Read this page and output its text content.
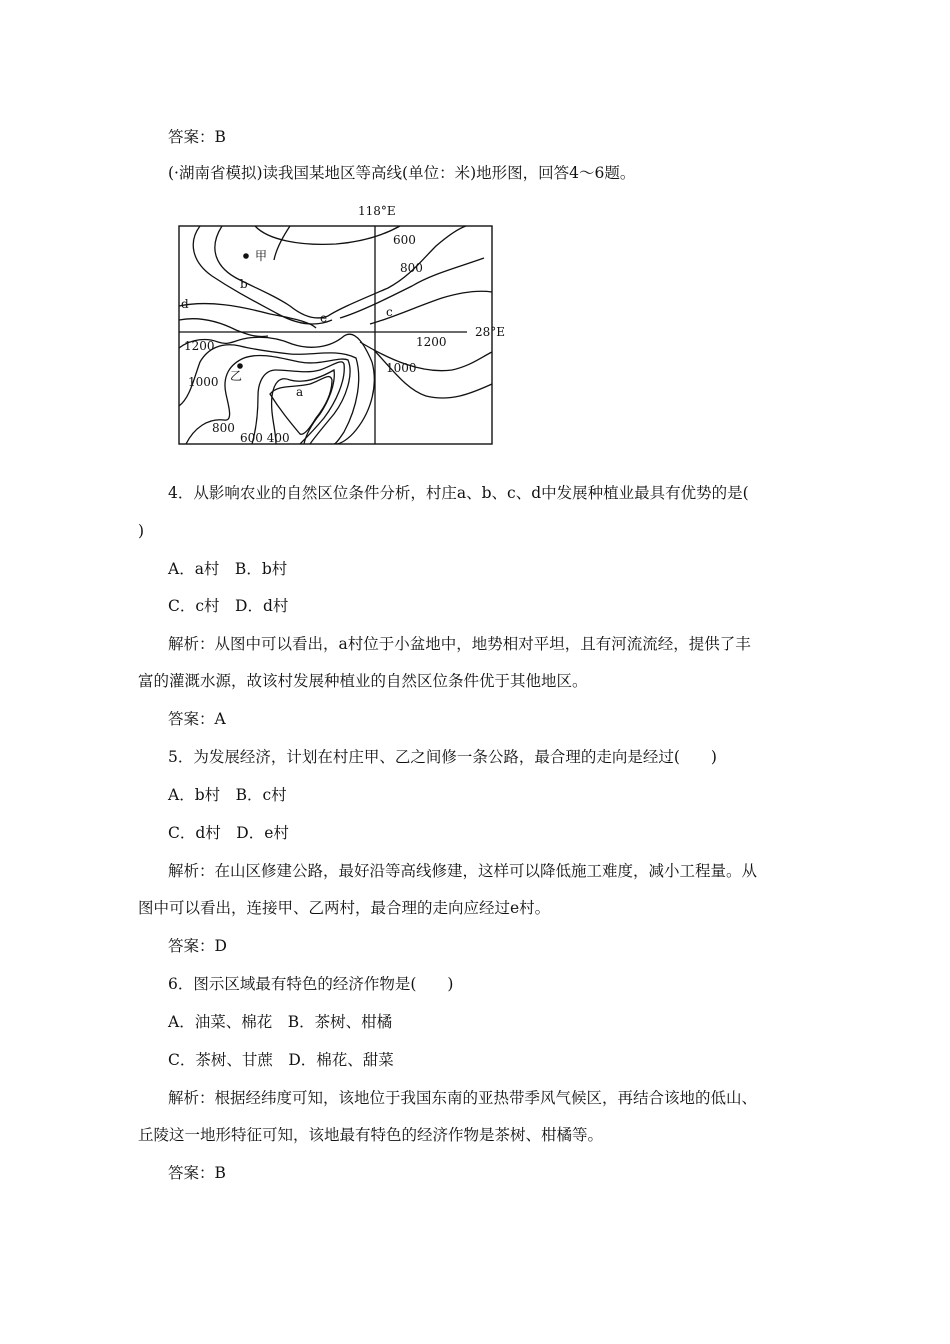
答案：B
(·湖南省模拟)读我国某地区等高线(单位：米)地形图，回答4～6题。
118°E
28°E
甲
乙
a
b
c
d
e
600
800
1200
1000
1200
1000
800
600 400
4．从影响农业的自然区位条件分析，村庄a、b、c、d中发展种植业最具有优势的是(
)
A．a村　B．b村
C．c村　D．d村
解析：从图中可以看出，a村位于小盆地中，地势相对平坦，且有河流流经，提供了丰
富的灌溉水源，故该村发展种植业的自然区位条件优于其他地区。
答案：A
5．为发展经济，计划在村庄甲、乙之间修一条公路，最合理的走向是经过(　　)
A．b村　B．c村
C．d村　D．e村
解析：在山区修建公路，最好沿等高线修建，这样可以降低施工难度，减小工程量。从
图中可以看出，连接甲、乙两村，最合理的走向应经过e村。
答案：D
6．图示区域最有特色的经济作物是(　　)
A．油菜、棉花　B．茶树、柑橘
C．茶树、甘蔗　D．棉花、甜菜
解析：根据经纬度可知，该地位于我国东南的亚热带季风气候区，再结合该地的低山、
丘陵这一地形特征可知，该地最有特色的经济作物是茶树、柑橘等。
答案：B
